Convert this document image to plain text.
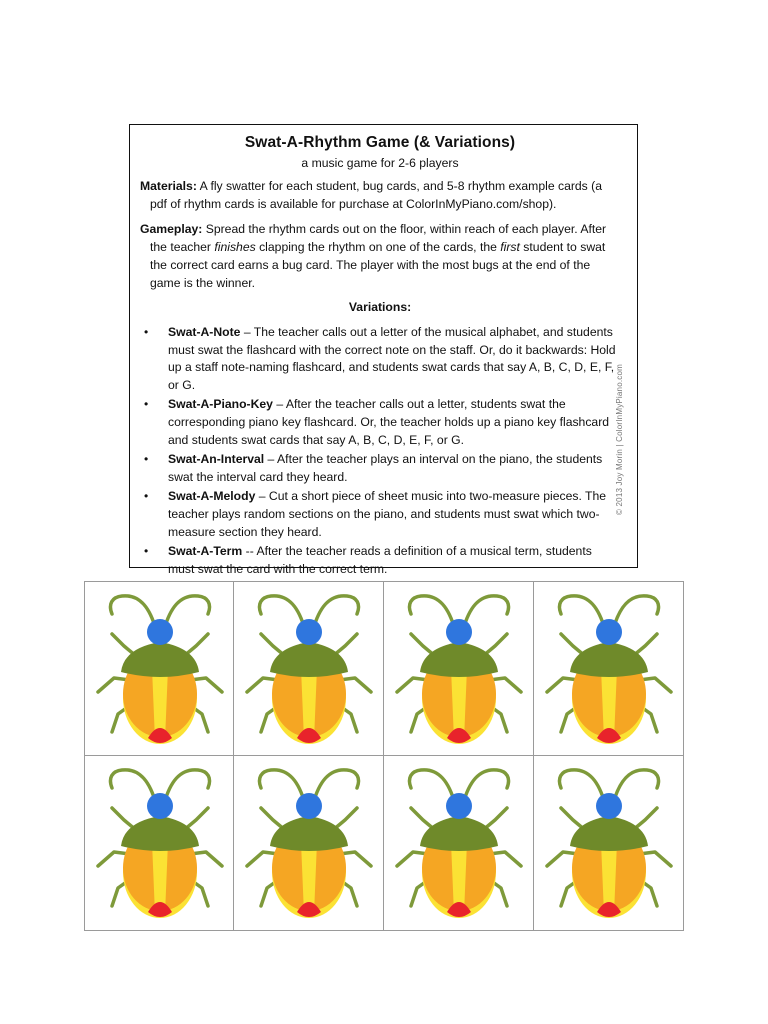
Swat-A-Rhythm Game (& Variations)
a music game for 2-6 players
Materials: A fly swatter for each student, bug cards, and 5-8 rhythm example cards (a pdf of rhythm cards is available for purchase at ColorInMyPiano.com/shop).
Gameplay: Spread the rhythm cards out on the floor, within reach of each player. After the teacher finishes clapping the rhythm on one of the cards, the first student to swat the correct card earns a bug card. The player with the most bugs at the end of the game is the winner.
Variations:
• Swat-A-Note – The teacher calls out a letter of the musical alphabet, and students must swat the flashcard with the correct note on the staff. Or, do it backwards: Hold up a staff note-naming flashcard, and students swat cards that say A, B, C, D, E, F, or G.
• Swat-A-Piano-Key – After the teacher calls out a letter, students swat the corresponding piano key flashcard. Or, the teacher holds up a piano key flashcard and students swat cards that say A, B, C, D, E, F, or G.
• Swat-An-Interval – After the teacher plays an interval on the piano, the students swat the interval card they heard.
• Swat-A-Melody – Cut a short piece of sheet music into two-measure pieces. The teacher plays random sections on the piano, and students must swat which two-measure section they heard.
• Swat-A-Term -- After the teacher reads a definition of a musical term, students must swat the card with the correct term.
© 2013 Joy Morin | ColorInMyPiano.com
